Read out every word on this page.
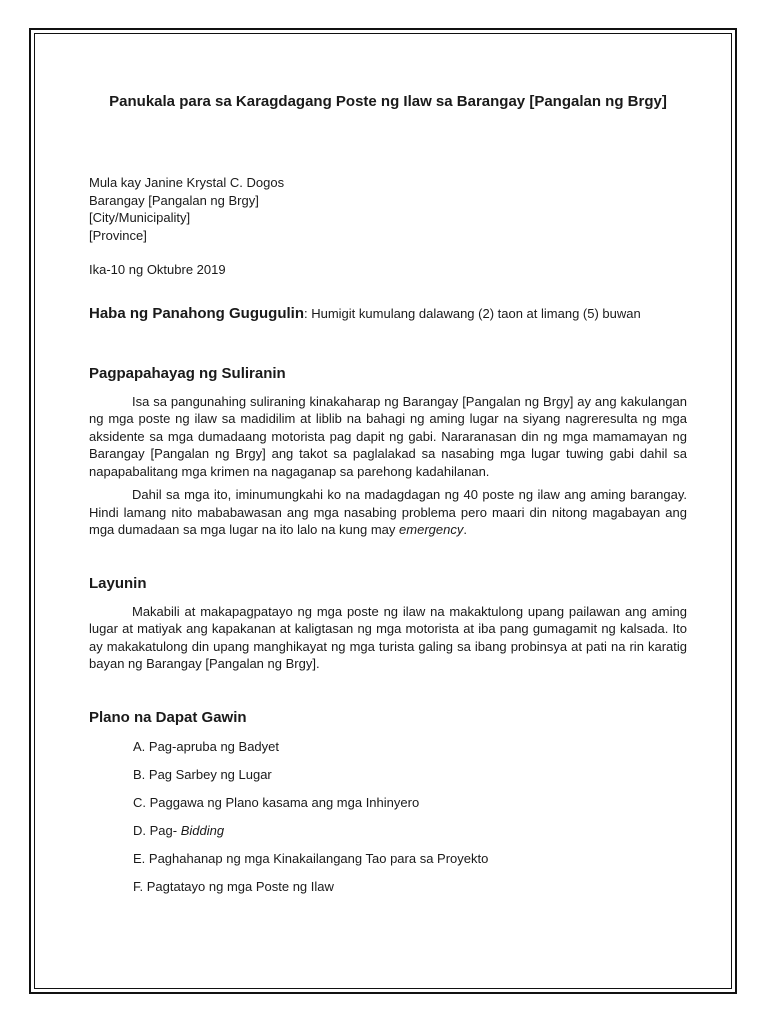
Panukala para sa Karagdagang Poste ng Ilaw sa Barangay [Pangalan ng Brgy]
Mula kay Janine Krystal C. Dogos
Barangay [Pangalan ng Brgy]
[City/Municipality]
[Province]
Ika-10 ng Oktubre 2019
Haba ng Panahong Gugugulin: Humigit kumulang dalawang (2) taon at limang (5) buwan
Pagpapahayag ng Suliranin

Isa sa pangunahing suliraning kinakaharap ng Barangay [Pangalan ng Brgy] ay ang kakulangan ng mga poste ng ilaw sa madidilim at liblib na bahagi ng aming lugar na siyang nagreresulta ng mga aksidente sa mga dumadaang motorista pag dapit ng gabi. Nararanasan din ng mga mamamayan ng Barangay [Pangalan ng Brgy] ang takot sa paglalakad sa nasabing mga lugar tuwing gabi dahil sa napapabalitang mga krimen na nagaganap sa parehong kadahilanan.

Dahil sa mga ito, iminumungkahi ko na madagdagan ng 40 poste ng ilaw ang aming barangay. Hindi lamang nito mababawasan ang mga nasabing problema pero maari din nitong magabayan ang mga dumadaan sa mga lugar na ito lalo na kung may emergency.

Layunin

Makabili at makapagpatayo ng mga poste ng ilaw na makaktulong upang pailawan ang aming lugar at matiyak ang kapakanan at kaligtasan ng mga motorista at iba pang gumagamit ng kalsada. Ito ay makakatulong din upang manghikayat ng mga turista galing sa ibang probinsya at pati na rin karatig bayan ng Barangay [Pangalan ng Brgy].

Plano na Dapat Gawin
A. Pag-apruba ng Badyet
B. Pag Sarbey ng Lugar
C. Paggawa ng Plano kasama ang mga Inhinyero
D. Pag- Bidding
E. Paghahanap ng mga Kinakailangang Tao para sa Proyekto
F. Pagtatayo ng mga Poste ng Ilaw
